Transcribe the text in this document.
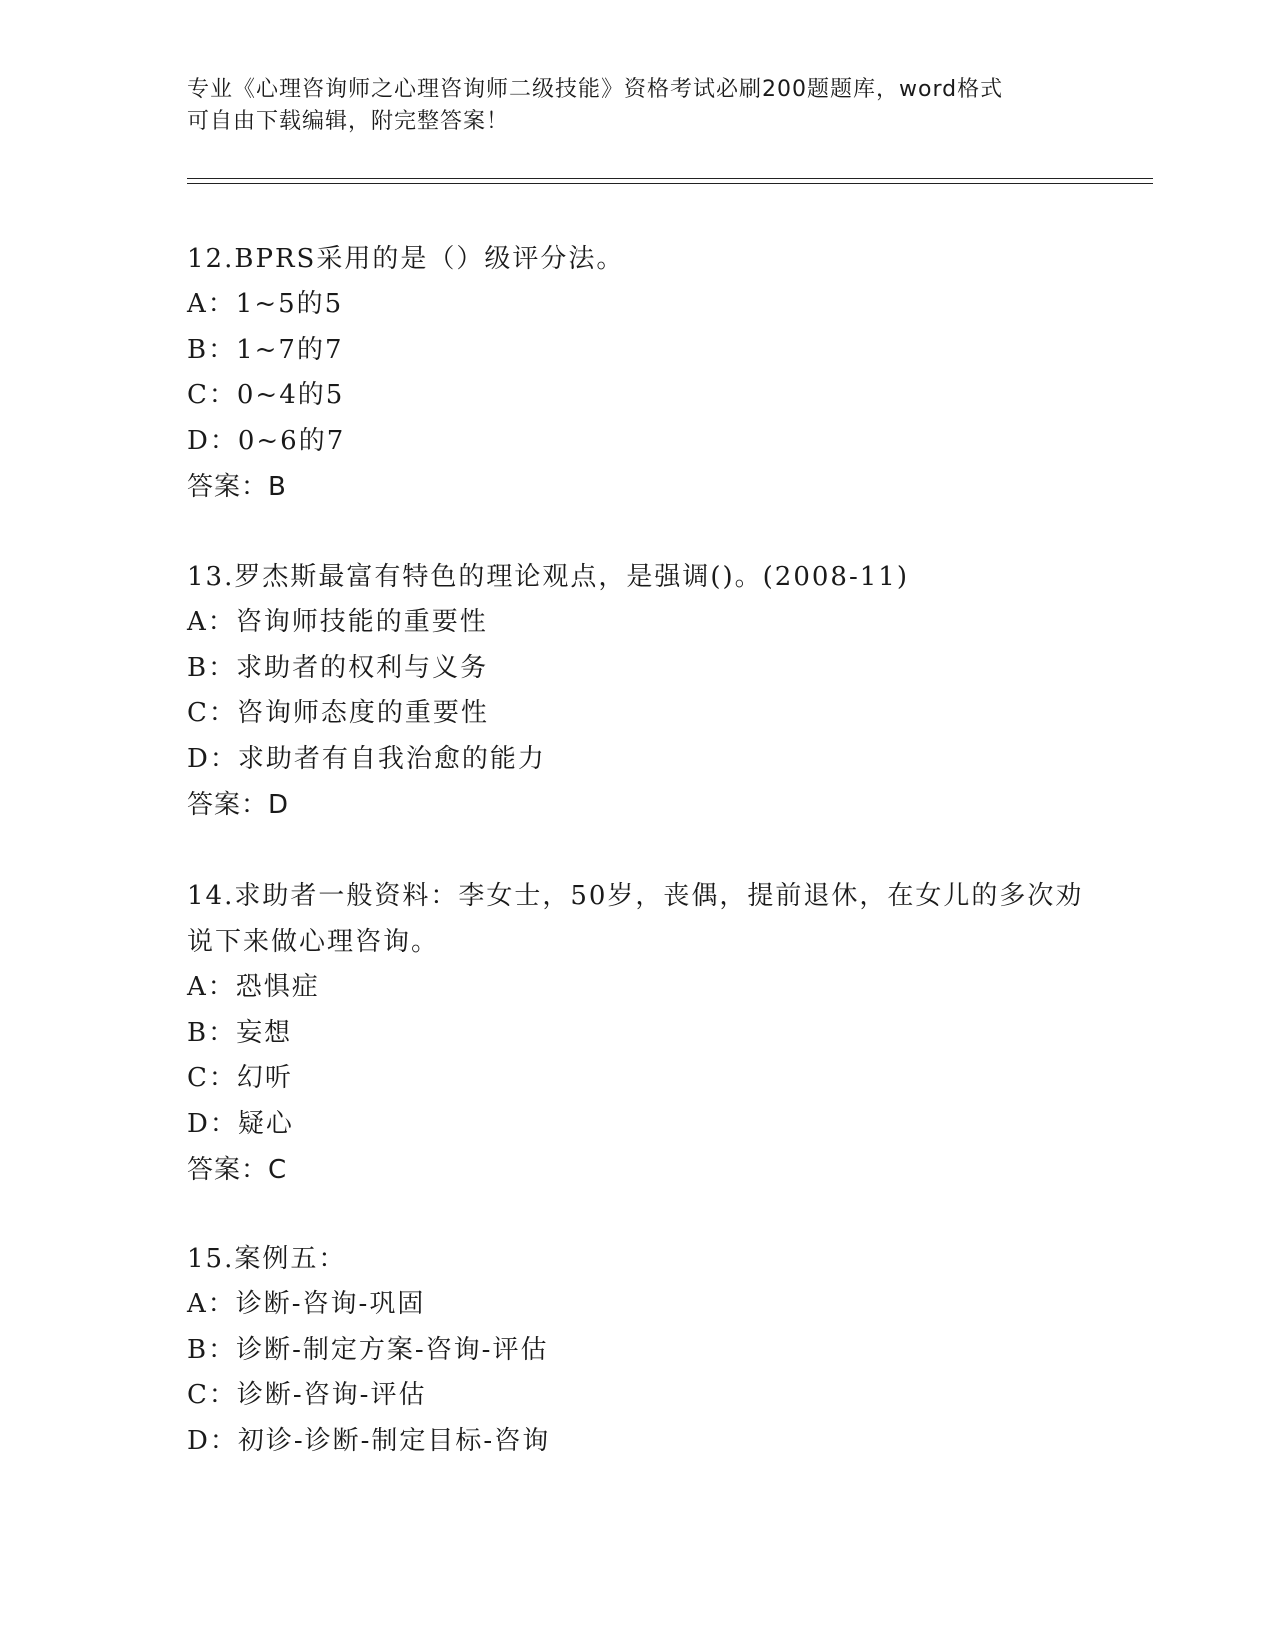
专业《心理咨询师之心理咨询师二级技能》资格考试必刷200题题库，word格式
可自由下载编辑，附完整答案！
12.BPRS采用的是（）级评分法。
A：1~5的5
B：1~7的7
C：0~4的5
D：0~6的7
答案：B
13.罗杰斯最富有特色的理论观点，是强调()。(2008-11)
A：咨询师技能的重要性
B：求助者的权利与义务
C：咨询师态度的重要性
D：求助者有自我治愈的能力
答案：D
14.求助者一般资料：李女士，50岁，丧偶，提前退休，在女儿的多次劝说下来做心理咨询。
A：恐惧症
B：妄想
C：幻听
D：疑心
答案：C
15.案例五：
A：诊断-咨询-巩固
B：诊断-制定方案-咨询-评估
C：诊断-咨询-评估
D：初诊-诊断-制定目标-咨询
